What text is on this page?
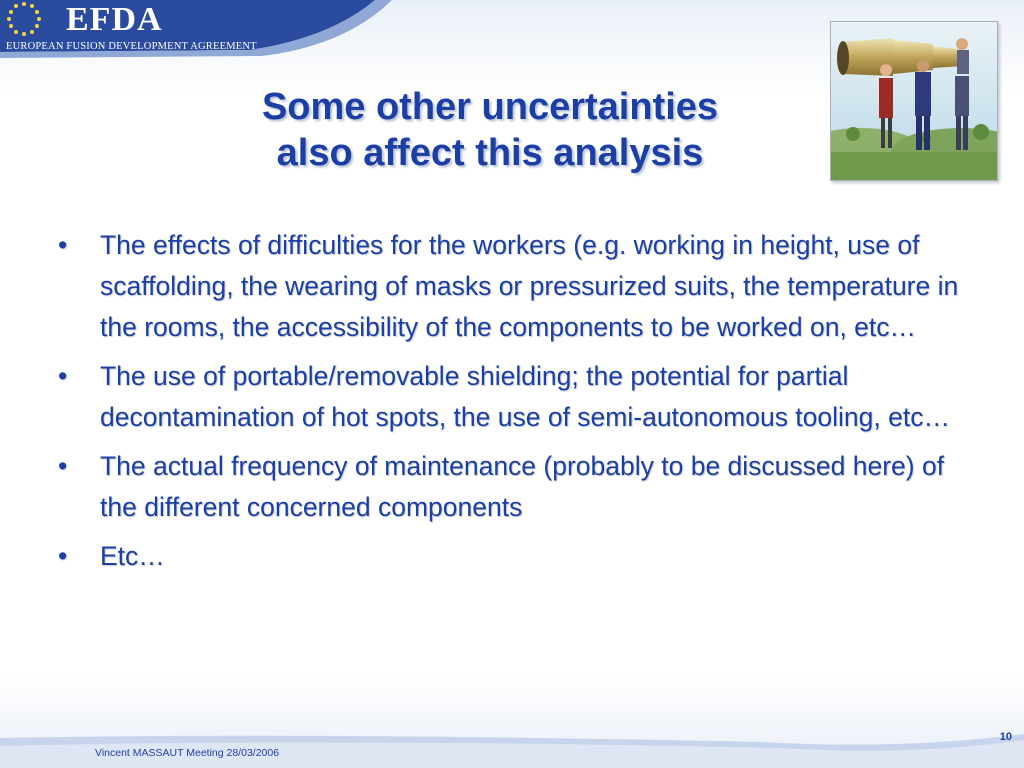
EFDA
EUROPEAN FUSION DEVELOPMENT AGREEMENT
Some other uncertainties
also affect this analysis
•	The effects of difficulties for the workers (e.g. working in height, use of scaffolding, the wearing of masks or pressurized suits, the temperature in the rooms, the accessibility of the components to be worked on, etc…
•	The use of portable/removable shielding; the potential for partial decontamination of hot spots, the use of semi-autonomous tooling, etc…
•	The actual frequency of maintenance (probably to be discussed here) of the different concerned components
•	Etc…
Vincent MASSAUT Meeting 28/03/2006
10
